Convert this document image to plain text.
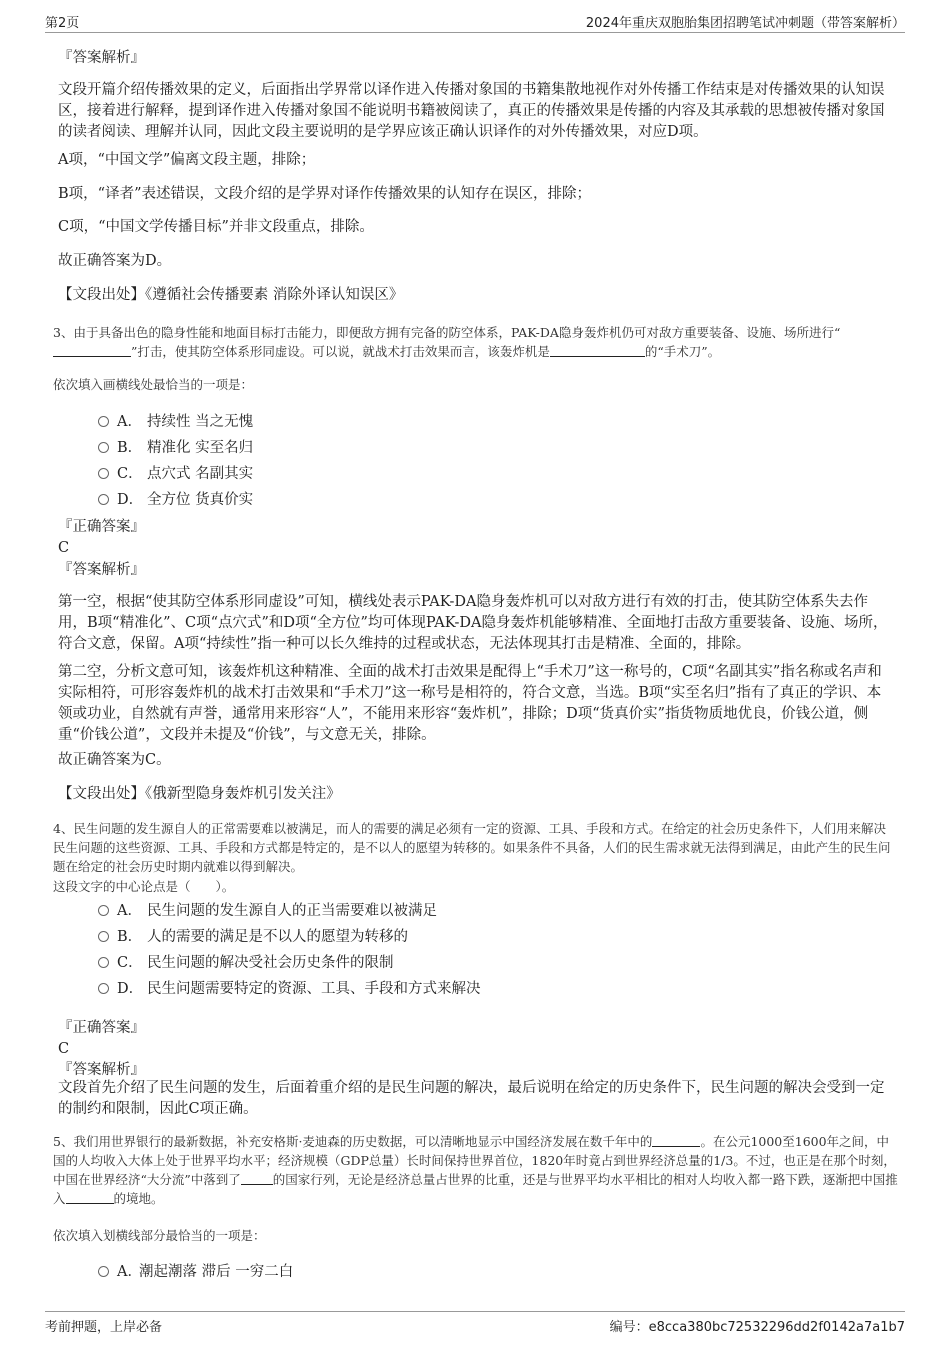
第2页	2024年重庆双胞胎集团招聘笔试冲刺题（带答案解析）
『答案解析』
文段开篇介绍传播效果的定义，后面指出学界常以译作进入传播对象国的书籍集散地视作对外传播工作结束是对传播效果的认知误区，接着进行解释，提到译作进入传播对象国不能说明书籍被阅读了，真正的传播效果是传播的内容及其承载的思想被传播对象国的读者阅读、理解并认同，因此文段主要说明的是学界应该正确认识译作的对外传播效果，对应D项。
A项，“中国文学”偏离文段主题，排除；
B项，“译者”表述错误，文段介绍的是学界对译作传播效果的认知存在误区，排除；
C项，“中国文学传播目标”并非文段重点，排除。
故正确答案为D。
【文段出处】《遵循社会传播要素 消除外译认知误区》
3、由于具备出色的隐身性能和地面目标打击能力，即便敌方拥有完备的防空体系，PAK-DA隐身轰炸机仍可对敌方重要装备、设施、场所进行“”打击，使其防空体系形同虚设。可以说，就战术打击效果而言，该轰炸机是	的“手术刀”。
依次填入画横线处最恰当的一项是：
A． 持续性 当之无愧
B． 精准化 实至名归
C． 点穴式 名副其实
D． 全方位 货真价实
『正确答案』
C
『答案解析』
第一空，根据“使其防空体系形同虚设”可知，横线处表示PAK-DA隐身轰炸机可以对敌方进行有效的打击，使其防空体系失去作用，B项“精准化”、C项“点穴式”和D项“全方位”均可体现PAK-DA隐身轰炸机能够精准、全面地打击敌方重要装备、设施、场所，符合文意，保留。A项“持续性”指一种可以长久维持的过程或状态，无法体现其打击是精准、全面的，排除。
第二空，分析文意可知，该轰炸机这种精准、全面的战术打击效果是配得上“手术刀”这一称号的，C项“名副其实”指名称或名声和实际相符，可形容轰炸机的战术打击效果和“手术刀”这一称号是相符的，符合文意，当选。B项“实至名归”指有了真正的学识、本领或功业，自然就有声誉，通常用来形容“人”，不能用来形容“轰炸机”，排除；D项“货真价实”指货物质地优良，价钱公道，侧重“价钱公道”，文段并未提及“价钱”，与文意无关，排除。
故正确答案为C。
【文段出处】《俄新型隐身轰炸机引发关注》
4、民生问题的发生源自人的正常需要难以被满足，而人的需要的满足必须有一定的资源、工具、手段和方式。在给定的社会历史条件下，人们用来解决民生问题的这些资源、工具、手段和方式都是特定的，是不以人的愿望为转移的。如果条件不具备，人们的民生需求就无法得到满足，由此产生的民生问题在给定的社会历史时期内就难以得到解决。
这段文字的中心论点是（　　）。
A． 民生问题的发生源自人的正当需要难以被满足
B． 人的需要的满足是不以人的愿望为转移的
C． 民生问题的解决受社会历史条件的限制
D． 民生问题需要特定的资源、工具、手段和方式来解决
『正确答案』
C
『答案解析』
文段首先介绍了民生问题的发生，后面着重介绍的是民生问题的解决，最后说明在给定的历史条件下，民生问题的解决会受到一定的制约和限制，因此C项正确。
5、我们用世界银行的最新数据，补充安格斯·麦迪森的历史数据，可以清晰地显示中国经济发展在数千年中的	。在公元1000至1600年之间，中国的人均收入大体上处于世界平均水平；经济规模（GDP总量）长时间保持世界首位，1820年时竟占到世界经济总量的1/3。不过，也正是在那个时刻，中国在世界经济“大分流”中落到了	的国家行列，无论是经济总量占世界的比重，还是与世界平均水平相比的相对人均收入都一路下跌，逐渐把中国推入	的境地。
依次填入划横线部分最恰当的一项是：
A．潮起潮落 滞后 一穷二白
考前押题，上岸必备	编号：e8cca380bc72532296dd2f0142a7a1b7
